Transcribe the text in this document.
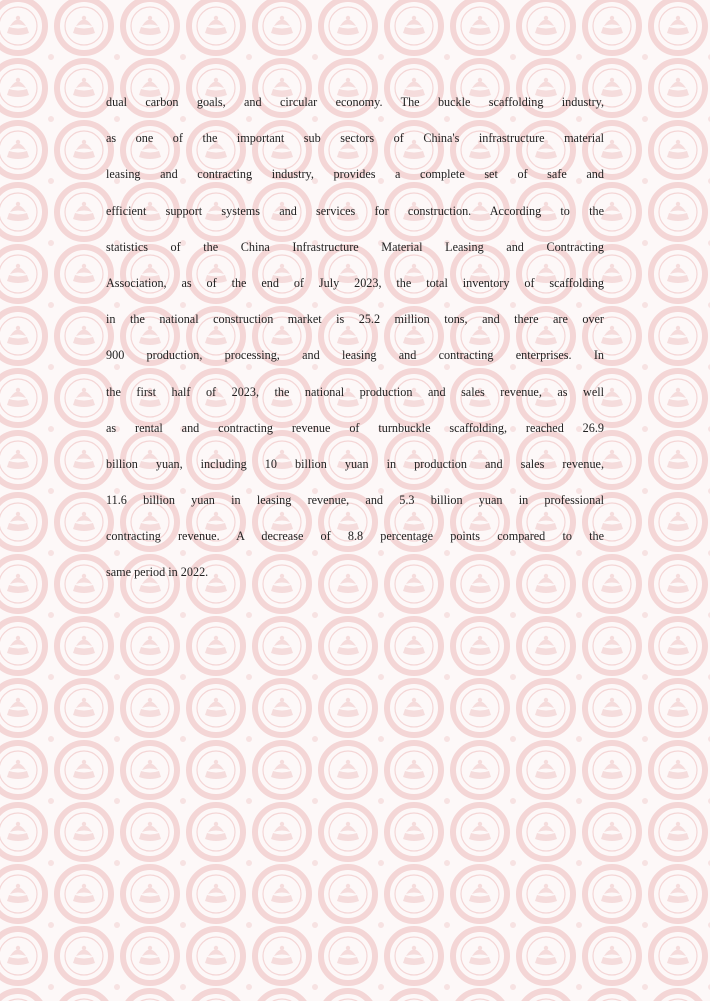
dual carbon goals, and circular economy. The buckle scaffolding industry,
as one of the important sub sectors of China's infrastructure material
leasing and contracting industry, provides a complete set of safe and
efficient support systems and services for construction. According to the
statistics of the China Infrastructure Material Leasing and Contracting
Association, as of the end of July 2023, the total inventory of scaffolding
in the national construction market is 25.2 million tons, and there are over
900 production, processing, and leasing and contracting enterprises. In
the first half of 2023, the national production and sales revenue, as well
as rental and contracting revenue of turnbuckle scaffolding, reached 26.9
billion yuan, including 10 billion yuan in production and sales revenue,
11.6 billion yuan in leasing revenue, and 5.3 billion yuan in professional
contracting revenue. A decrease of 8.8 percentage points compared to the
same period in 2022.
